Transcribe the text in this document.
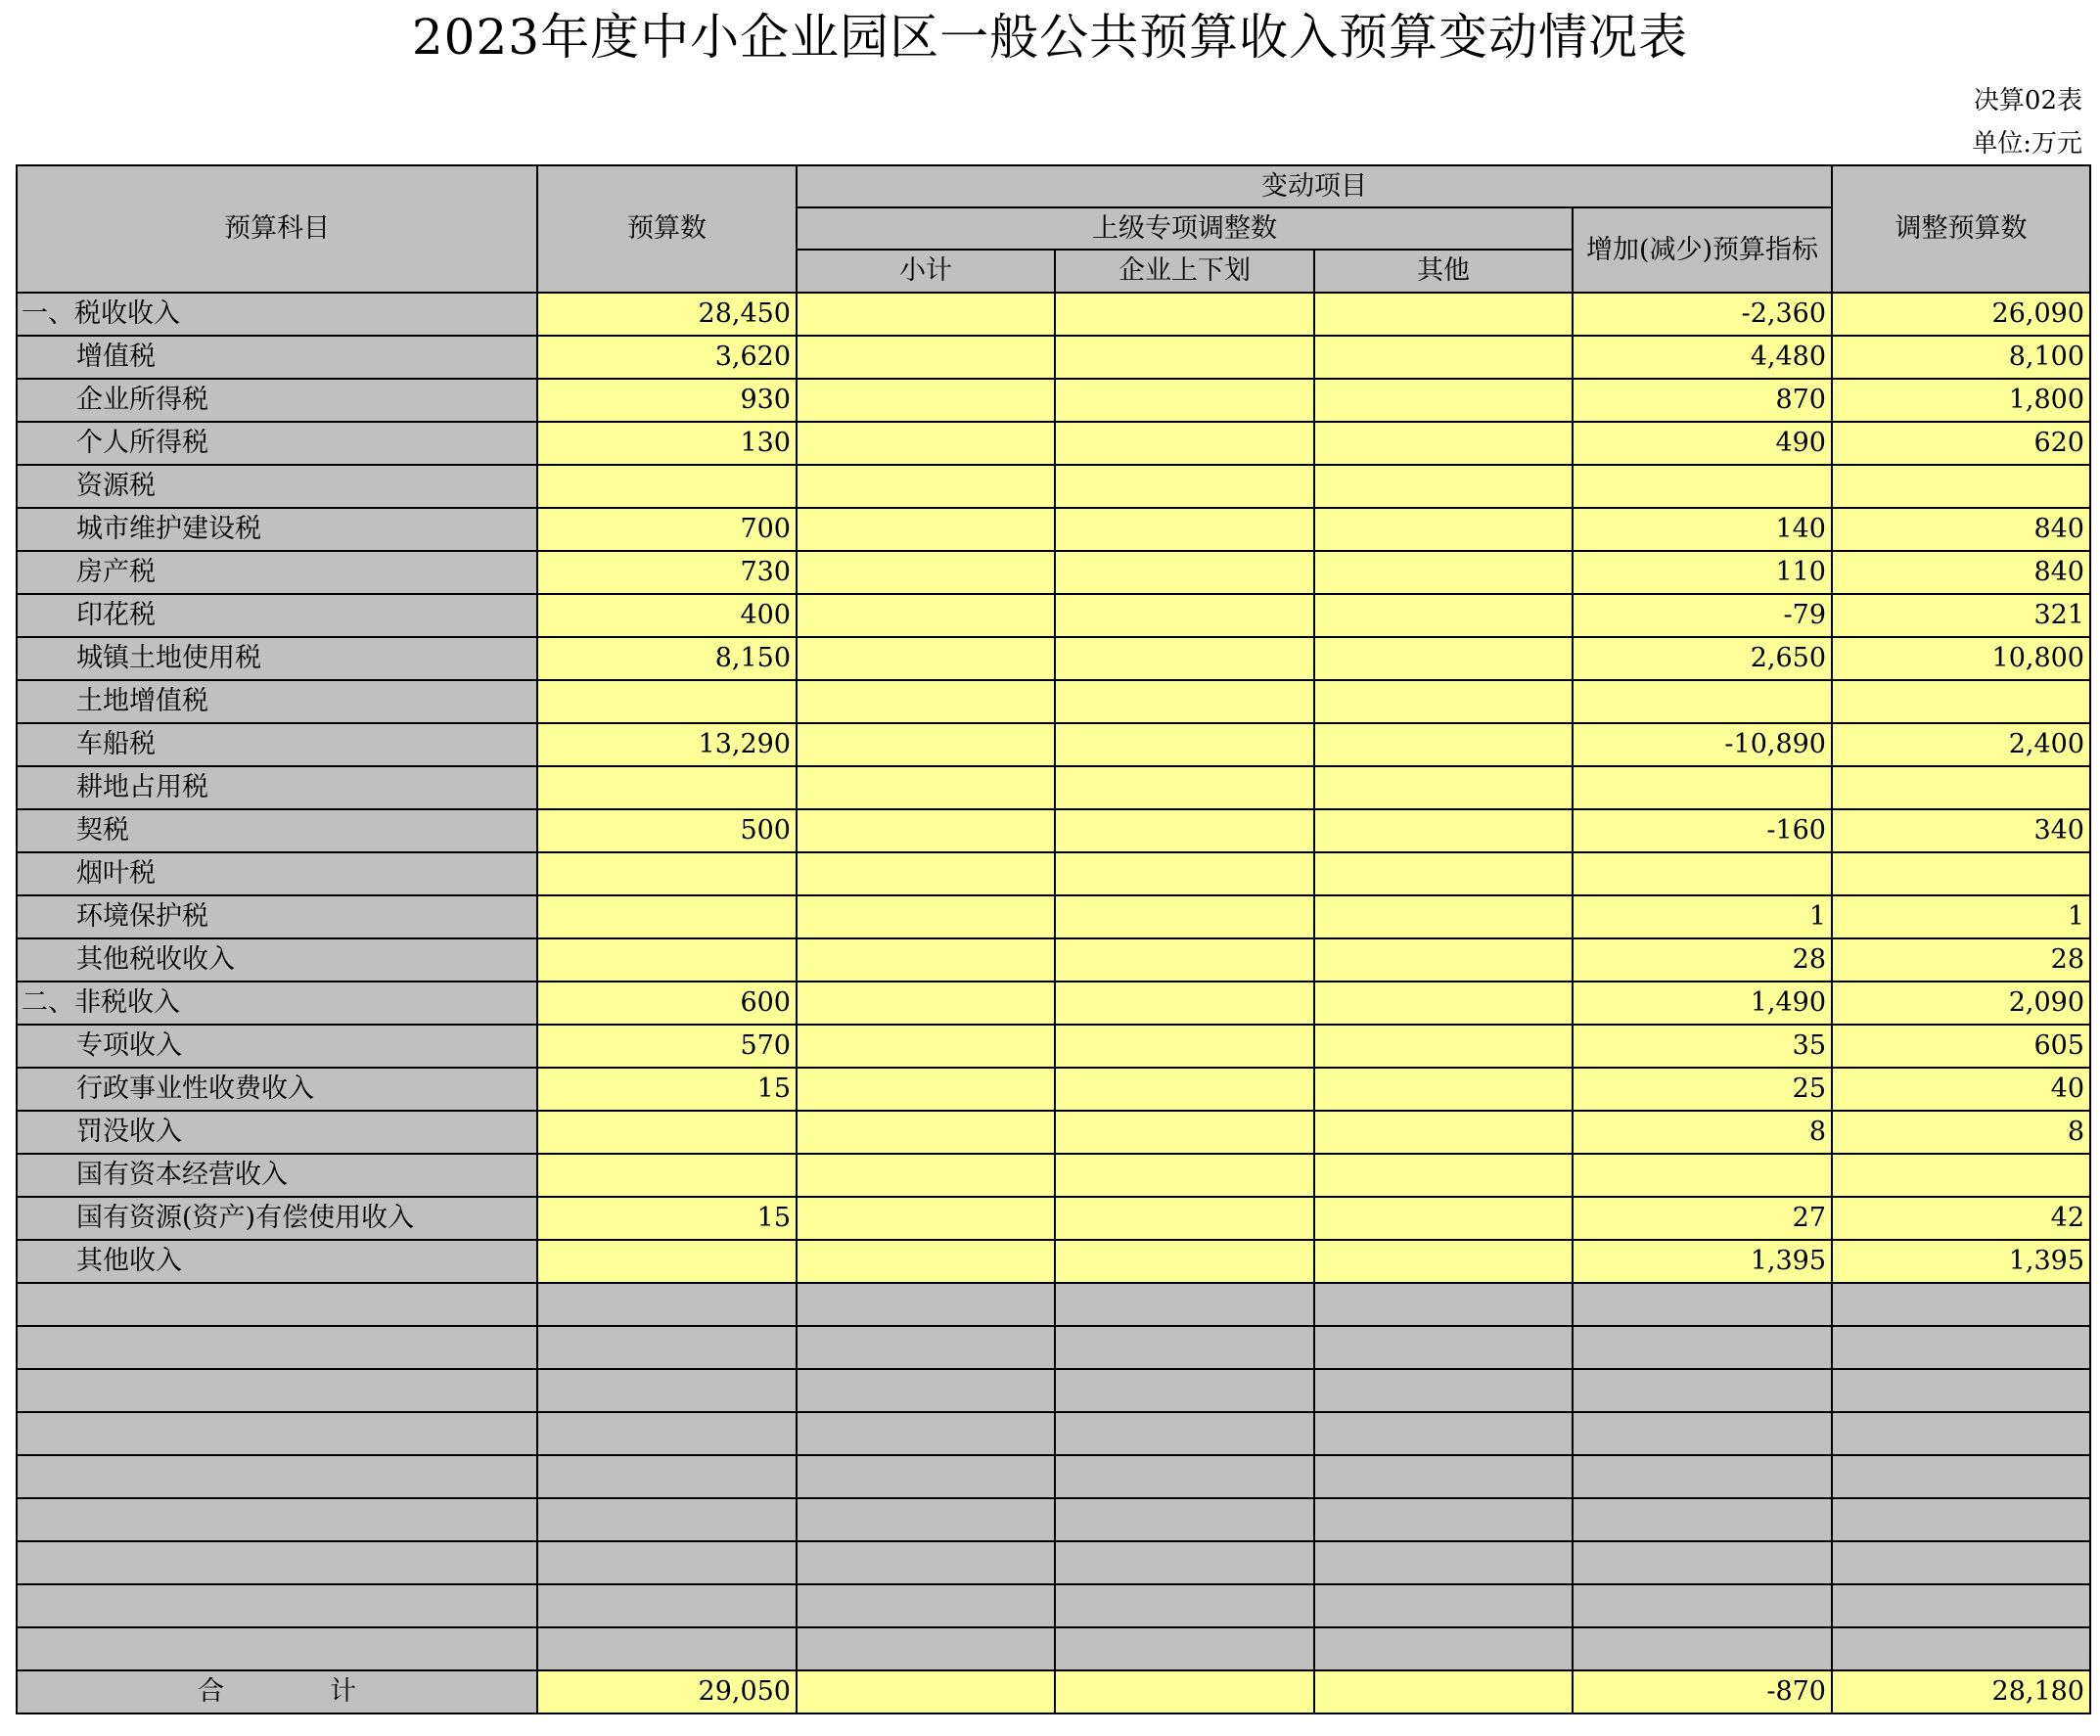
2023年度中小企业园区一般公共预算收入预算变动情况表
决算02表
单位:万元
预算科目	预算数	变动项目				调整预算数
		上级专项调整数			增加(减少)预算指标	
		小计	企业上下划	其他		
一、税收收入	28,450				-2,360	26,090
增值税	3,620				4,480	8,100
企业所得税	930				870	1,800
个人所得税	130				490	620
资源税						
城市维护建设税	700				140	840
房产税	730				110	840
印花税	400				-79	321
城镇土地使用税	8,150				2,650	10,800
土地增值税						
车船税	13,290				-10,890	2,400
耕地占用税						
契税	500				-160	340
烟叶税						
环境保护税					1	1
其他税收收入					28	28
二、非税收入	600				1,490	2,090
专项收入	570				35	605
行政事业性收费收入	15				25	40
罚没收入					8	8
国有资本经营收入						
国有资源(资产)有偿使用收入	15				27	42
其他收入					1,395	1,395

合　　　　计	29,050				-870	28,180
